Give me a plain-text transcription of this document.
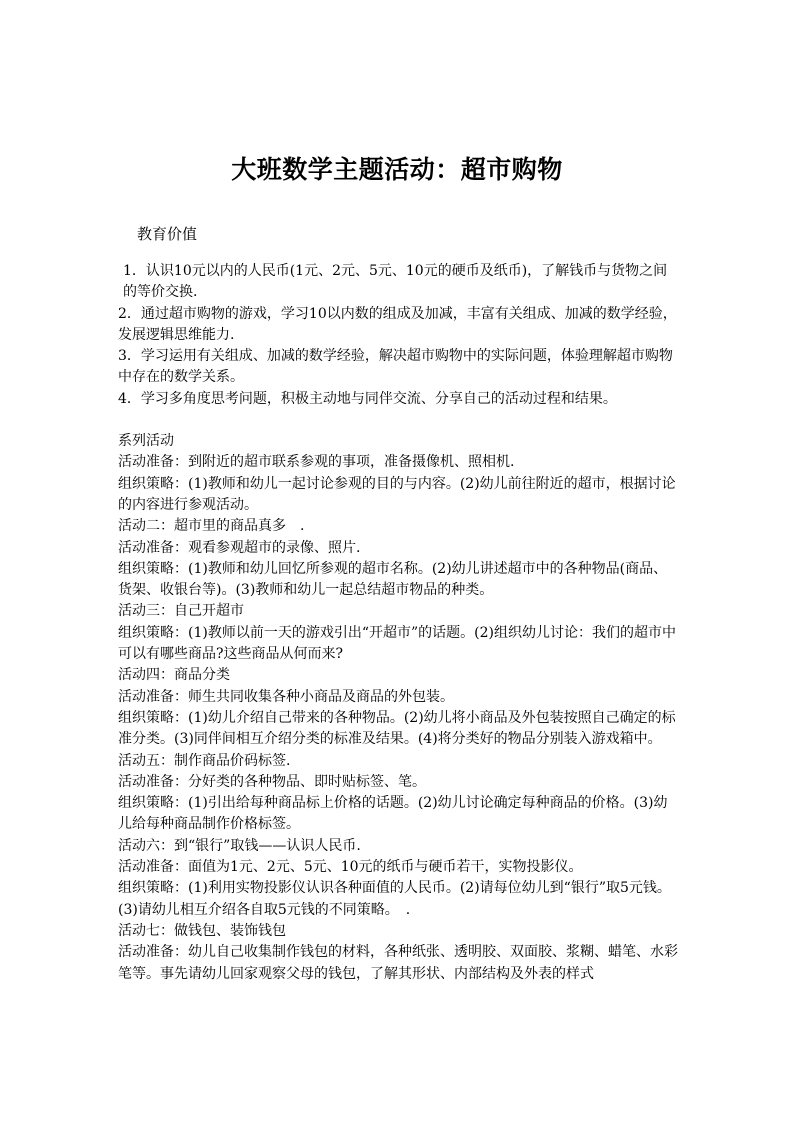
大班数学主题活动：超市购物

教育价值

1．认识10元以内的人民币(1元、2元、5元、10元的硬币及纸币)，了解钱币与货物之间的等价交换.

2．通过超市购物的游戏，学习10以内数的组成及加减，丰富有关组成、加减的数学经验，发展逻辑思维能力.

3．学习运用有关组成、加减的数学经验，解决超市购物中的实际问题，体验理解超市购物中存在的数学关系。

4．学习多角度思考问题，积极主动地与同伴交流、分享自己的活动过程和结果。

系列活动

活动准备：到附近的超市联系参观的事项，准备摄像机、照相机.

组织策略：(1)教师和幼儿一起讨论参观的目的与内容。(2)幼儿前往附近的超市，根据讨论的内容进行参观活动。

活动二：超市里的商品真多　.

活动准备：观看参观超市的录像、照片.

组织策略：(1)教师和幼儿回忆所参观的超市名称。(2)幼儿讲述超市中的各种物品(商品、货架、收银台等)。(3)教师和幼儿一起总结超市物品的种类。

活动三：自己开超市

组织策略：(1)教师以前一天的游戏引出“开超市”的话题。(2)组织幼儿讨论：我们的超市中可以有哪些商品?这些商品从何而来?

活动四：商品分类

活动准备：师生共同收集各种小商品及商品的外包装。

组织策略：(1)幼儿介绍自己带来的各种物品。(2)幼儿将小商品及外包装按照自己确定的标准分类。(3)同伴间相互介绍分类的标准及结果。(4)将分类好的物品分别装入游戏箱中。

活动五：制作商品价码标签.

活动准备：分好类的各种物品、即时贴标签、笔。

组织策略：(1)引出给每种商品标上价格的话题。(2)幼儿讨论确定每种商品的价格。(3)幼儿给每种商品制作价格标签。

活动六：到“银行”取钱——认识人民币.

活动准备：面值为1元、2元、5元、10元的纸币与硬币若干，实物投影仪。

组织策略：(1)利用实物投影仪认识各种面值的人民币。(2)请每位幼儿到“银行”取5元钱。(3)请幼儿相互介绍各自取5元钱的不同策略。　.

活动七：做钱包、装饰钱包

活动准备：幼儿自己收集制作钱包的材料，各种纸张、透明胶、双面胶、浆糊、蜡笔、水彩笔等。事先请幼儿回家观察父母的钱包，了解其形状、内部结构及外表的样式
